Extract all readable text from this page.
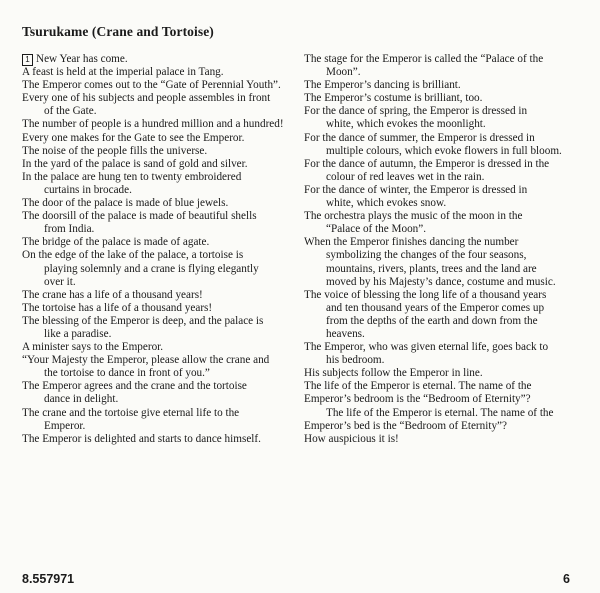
Tsurukame (Crane and Tortoise)
1 New Year has come.
A feast is held at the imperial palace in Tang.
The Emperor comes out to the “Gate of Perennial Youth”.
Every one of his subjects and people assembles in front
of the Gate.
The number of people is a hundred million and a hundred!
Every one makes for the Gate to see the Emperor.
The noise of the people fills the universe.
In the yard of the palace is sand of gold and silver.
In the palace are hung ten to twenty embroidered
curtains in brocade.
The door of the palace is made of blue jewels.
The doorsill of the palace is made of beautiful shells
from India.
The bridge of the palace is made of agate.
On the edge of the lake of the palace, a tortoise is
playing solemnly and a crane is flying elegantly
over it.
The crane has a life of a thousand years!
The tortoise has a life of a thousand years!
The blessing of the Emperor is deep, and the palace is
like a paradise.
A minister says to the Emperor.
“Your Majesty the Emperor, please allow the crane and
the tortoise to dance in front of you.”
The Emperor agrees and the crane and the tortoise
dance in delight.
The crane and the tortoise give eternal life to the
Emperor.
The Emperor is delighted and starts to dance himself.
The stage for the Emperor is called the “Palace of the
Moon”.
The Emperor’s dancing is brilliant.
The Emperor’s costume is brilliant, too.
For the dance of spring, the Emperor is dressed in
white, which evokes the moonlight.
For the dance of summer, the Emperor is dressed in
multiple colours, which evoke flowers in full bloom.
For the dance of autumn, the Emperor is dressed in the
colour of red leaves wet in the rain.
For the dance of winter, the Emperor is dressed in
white, which evokes snow.
The orchestra plays the music of the moon in the
“Palace of the Moon”.
When the Emperor finishes dancing the number
symbolizing the changes of the four seasons,
mountains, rivers, plants, trees and the land are
moved by his Majesty’s dance, costume and music.
The voice of blessing the long life of a thousand years
and ten thousand years of the Emperor comes up
from the depths of the earth and down from the
heavens.
The Emperor, who was given eternal life, goes back to
his bedroom.
His subjects follow the Emperor in line.
The life of the Emperor is eternal. The name of the
Emperor’s bedroom is the “Bedroom of Eternity”?
The life of the Emperor is eternal. The name of the
Emperor’s bed is the “Bedroom of Eternity”?
How auspicious it is!
8.557971	6
